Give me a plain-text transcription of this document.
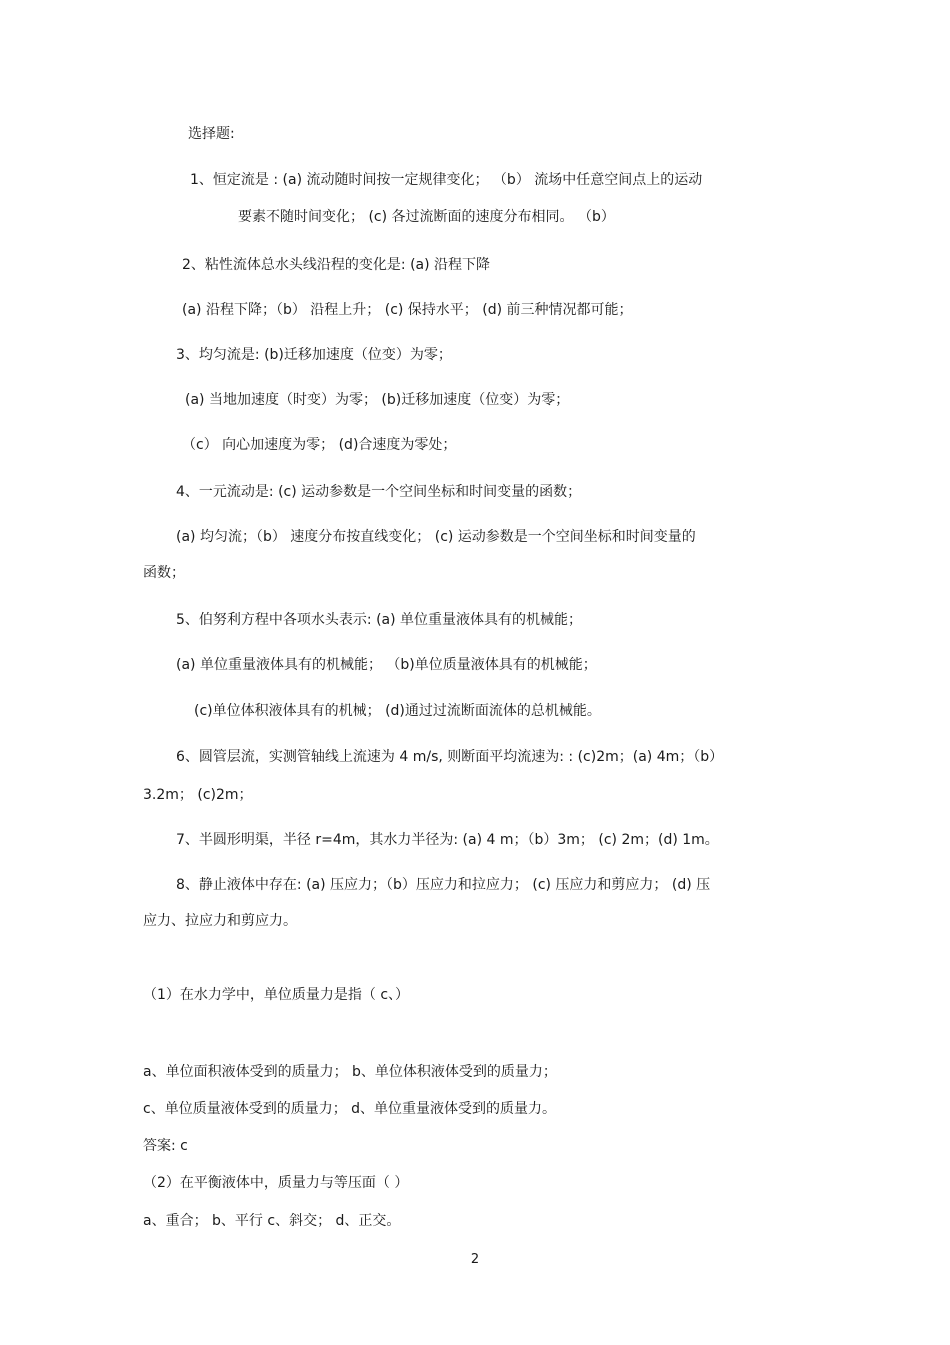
选择题:
1、恒定流是 : (a) 流动随时间按一定规律变化； （b） 流场中任意空间点上的运动
要素不随时间变化； (c) 各过流断面的速度分布相同。 （b）
2、粘性流体总水头线沿程的变化是: (a) 沿程下降
(a) 沿程下降；（b） 沿程上升； (c) 保持水平； (d) 前三种情况都可能；
3、均匀流是: (b)迁移加速度（位变）为零；
(a) 当地加速度（时变）为零； (b)迁移加速度（位变）为零；
（c） 向心加速度为零； (d)合速度为零处；
4、一元流动是: (c) 运动参数是一个空间坐标和时间变量的函数；
(a) 均匀流；（b） 速度分布按直线变化； (c) 运动参数是一个空间坐标和时间变量的
函数；
5、伯努利方程中各项水头表示: (a) 单位重量液体具有的机械能；
(a) 单位重量液体具有的机械能； （b)单位质量液体具有的机械能；
(c)单位体积液体具有的机械； (d)通过过流断面流体的总机械能。
6、圆管层流，实测管轴线上流速为 4 m/s, 则断面平均流速为: : (c)2m；(a) 4m；（b）
3.2m； (c)2m；
7、半圆形明渠，半径 r=4m，其水力半径为: (a) 4 m；（b）3m； (c) 2m；(d) 1m。
8、静止液体中存在: (a) 压应力；（b）压应力和拉应力； (c) 压应力和剪应力； (d) 压
应力、拉应力和剪应力。
（1）在水力学中，单位质量力是指（ c、）
a、单位面积液体受到的质量力； b、单位体积液体受到的质量力；
c、单位质量液体受到的质量力； d、单位重量液体受到的质量力。
答案: c
（2）在平衡液体中，质量力与等压面（ ）
a、重合； b、平行 c、斜交； d、正交。
2
